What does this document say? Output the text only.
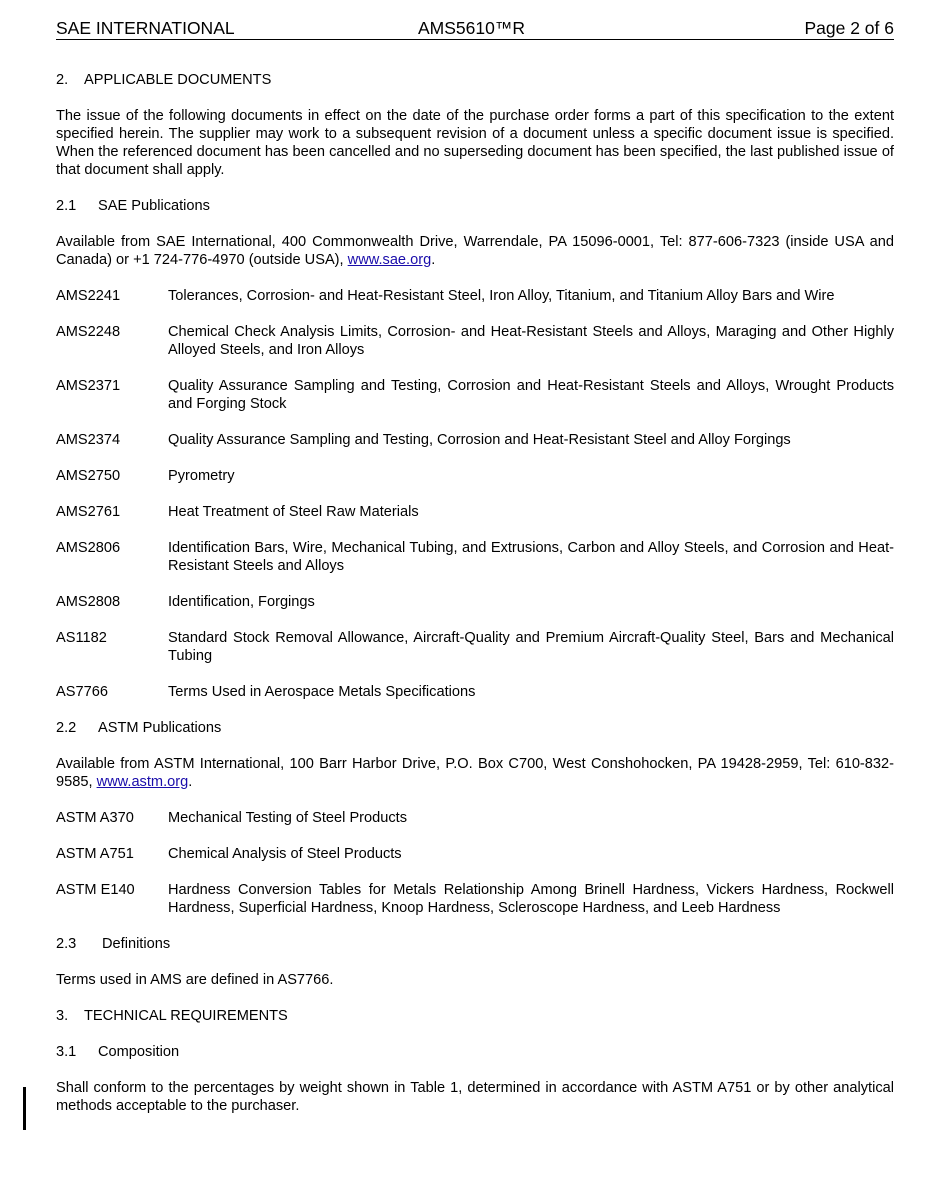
SAE INTERNATIONAL	AMS5610™R	Page 2 of 6
2. APPLICABLE DOCUMENTS
The issue of the following documents in effect on the date of the purchase order forms a part of this specification to the extent specified herein. The supplier may work to a subsequent revision of a document unless a specific document issue is specified. When the referenced document has been cancelled and no superseding document has been specified, the last published issue of that document shall apply.
2.1 SAE Publications
Available from SAE International, 400 Commonwealth Drive, Warrendale, PA 15096-0001, Tel: 877-606-7323 (inside USA and Canada) or +1 724-776-4970 (outside USA), www.sae.org.
AMS2241	Tolerances, Corrosion- and Heat-Resistant Steel, Iron Alloy, Titanium, and Titanium Alloy Bars and Wire
AMS2248	Chemical Check Analysis Limits, Corrosion- and Heat-Resistant Steels and Alloys, Maraging and Other Highly Alloyed Steels, and Iron Alloys
AMS2371	Quality Assurance Sampling and Testing, Corrosion and Heat-Resistant Steels and Alloys, Wrought Products and Forging Stock
AMS2374	Quality Assurance Sampling and Testing, Corrosion and Heat-Resistant Steel and Alloy Forgings
AMS2750	Pyrometry
AMS2761	Heat Treatment of Steel Raw Materials
AMS2806	Identification Bars, Wire, Mechanical Tubing, and Extrusions, Carbon and Alloy Steels, and Corrosion and Heat-Resistant Steels and Alloys
AMS2808	Identification, Forgings
AS1182	Standard Stock Removal Allowance, Aircraft-Quality and Premium Aircraft-Quality Steel, Bars and Mechanical Tubing
AS7766	Terms Used in Aerospace Metals Specifications
2.2 ASTM Publications
Available from ASTM International, 100 Barr Harbor Drive, P.O. Box C700, West Conshohocken, PA 19428-2959, Tel: 610-832-9585, www.astm.org.
ASTM A370	Mechanical Testing of Steel Products
ASTM A751	Chemical Analysis of Steel Products
ASTM E140	Hardness Conversion Tables for Metals Relationship Among Brinell Hardness, Vickers Hardness, Rockwell Hardness, Superficial Hardness, Knoop Hardness, Scleroscope Hardness, and Leeb Hardness
2.3 Definitions
Terms used in AMS are defined in AS7766.
3. TECHNICAL REQUIREMENTS
3.1 Composition
Shall conform to the percentages by weight shown in Table 1, determined in accordance with ASTM A751 or by other analytical methods acceptable to the purchaser.
